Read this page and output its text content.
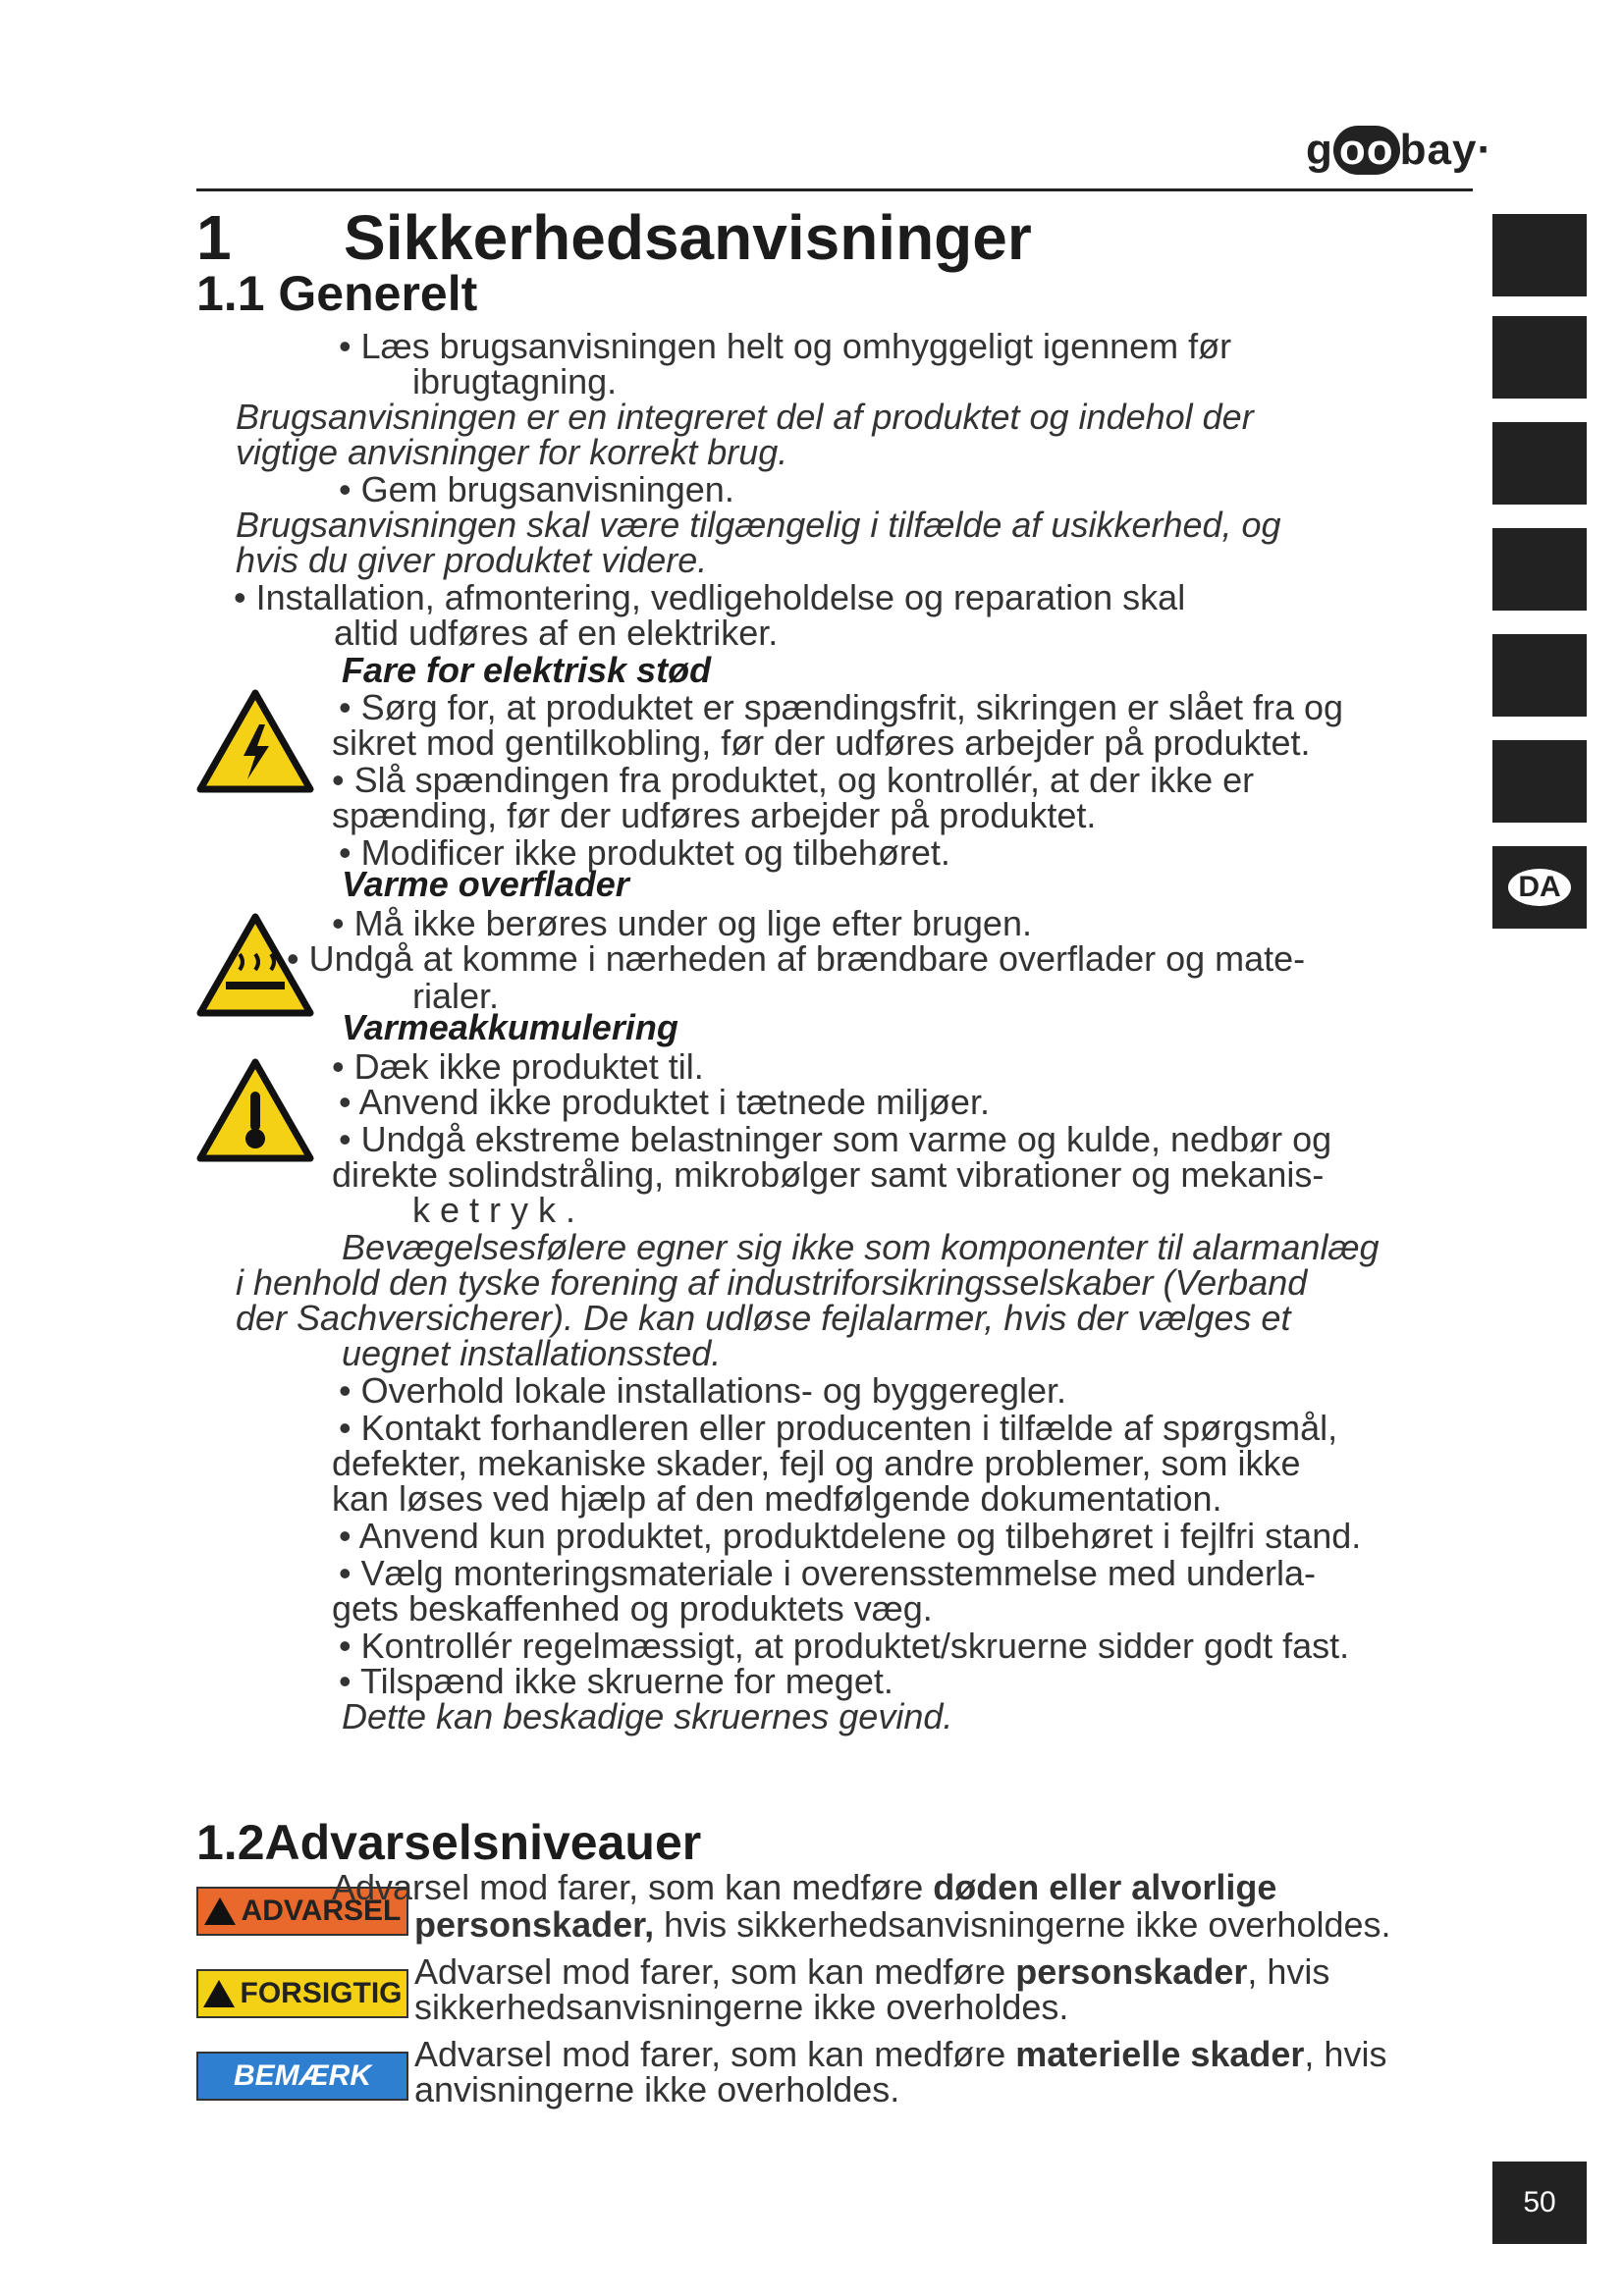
g oo bay·
1 Sikkerhedsanvisninger
1.1 Generelt
• Læs brugsanvisningen helt og omhyggeligt igennem før
ibrugtagning.
Brugsanvisningen er en integreret del af produktet og indehol der
vigtige anvisninger for korrekt brug.
• Gem brugsanvisningen.
Brugsanvisningen skal være tilgængelig i tilfælde af usikkerhed, og
hvis du giver produktet videre.
• Installation, afmontering, vedligeholdelse og reparation skal
altid udføres af en elektriker.
Fare for elektrisk stød
• Sørg for, at produktet er spændingsfrit, sikringen er slået fra og
sikret mod gentilkobling, før der udføres arbejder på produktet.
• Slå spændingen fra produktet, og kontrollér, at der ikke er
spænding, før der udføres arbejder på produktet.
• Modificer ikke produktet og tilbehøret.
Varme overflader
• Må ikke berøres under og lige efter brugen.
• Undgå at komme i nærheden af brændbare overflader og mate-
rialer.
Varmeakkumulering
• Dæk ikke produktet til.
• Anvend ikke produktet i tætnede miljøer.
• Undgå ekstreme belastninger som varme og kulde, nedbør og
direkte solindstråling, mikrobølger samt vibrationer og mekanis-
k e t r y k .
Bevægelsesfølere egner sig ikke som komponenter til alarmanlæg
i henhold den tyske forening af industriforsikringsselskaber (Verband
der Sachversicherer). De kan udløse fejlalarmer, hvis der vælges et
uegnet installationssted.
• Overhold lokale installations- og byggeregler.
• Kontakt forhandleren eller producenten i tilfælde af spørgsmål,
defekter, mekaniske skader, fejl og andre problemer, som ikke
kan løses ved hjælp af den medfølgende dokumentation.
• Anvend kun produktet, produktdelene og tilbehøret i fejlfri stand.
• Vælg monteringsmateriale i overensstemmelse med underla-
gets beskaffenhed og produktets væg.
• Kontrollér regelmæssigt, at produktet/skruerne sidder godt fast.
• Tilspænd ikke skruerne for meget.
Dette kan beskadige skruernes gevind.
1.2Advarselsniveauer
ADVARSEL
Advarsel mod farer, som kan medføre døden eller alvorlige
personskader, hvis sikkerhedsanvisningerne ikke overholdes.
FORSIGTIG
Advarsel mod farer, som kan medføre personskader, hvis
sikkerhedsanvisningerne ikke overholdes.
BEMÆRK
Advarsel mod farer, som kan medføre materielle skader, hvis
anvisningerne ikke overholdes.
DA
50
